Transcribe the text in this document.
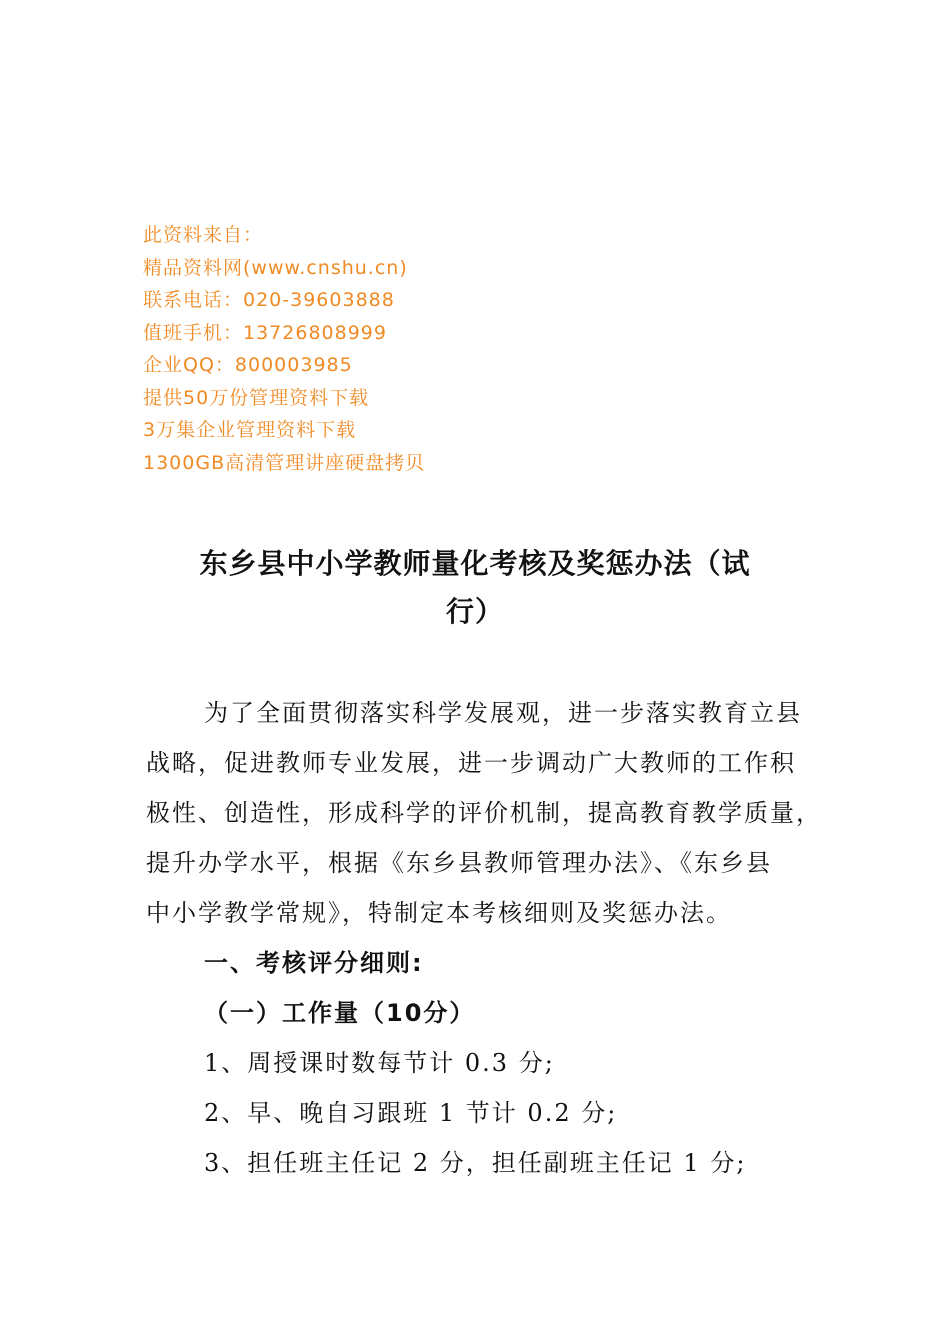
此资料来自：
精品资料网(www.cnshu.cn)
联系电话：020-39603888
值班手机：13726808999
企业QQ：800003985
提供50万份管理资料下载
3万集企业管理资料下载
1300GB高清管理讲座硬盘拷贝
东乡县中小学教师量化考核及奖惩办法（试
行）
为了全面贯彻落实科学发展观，进一步落实教育立县
战略，促进教师专业发展，进一步调动广大教师的工作积
极性、创造性，形成科学的评价机制，提高教育教学质量，
提升办学水平，根据《东乡县教师管理办法》、《东乡县
中小学教学常规》，特制定本考核细则及奖惩办法。
一、考核评分细则:
（一）工作量（10分）
1、周授课时数每节计 0.3 分;
2、早、晚自习跟班 1 节计 0.2 分;
3、担任班主任记 2 分，担任副班主任记 1 分;
